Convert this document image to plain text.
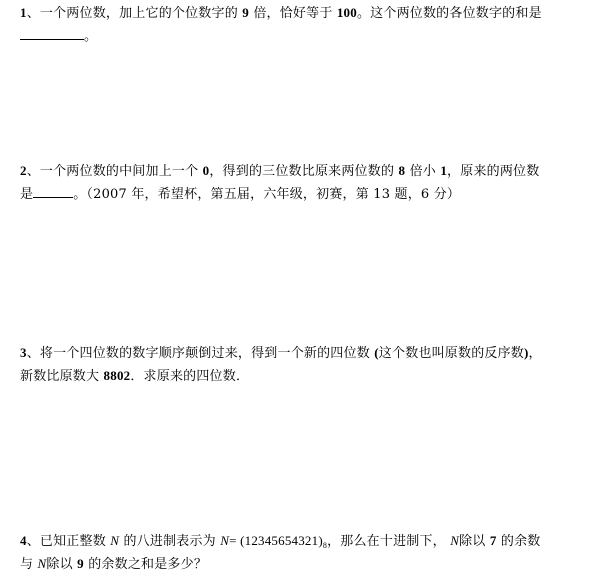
1、一个两位数，加上它的个位数字的 9 倍，恰好等于 100。这个两位数的各位数字的和是
。
2、一个两位数的中间加上一个 0，得到的三位数比原来两位数的 8 倍小 1，原来的两位数
是	。（2007 年，希望杯，第五届，六年级，初赛，第 13 题，6 分）
3、将一个四位数的数字顺序颠倒过来，得到一个新的四位数 (这个数也叫原数的反序数)，
新数比原数大 8802．求原来的四位数．
4、已知正整数 N 的八进制表示为 $N= (12345654321)_8$，那么在十进制下， N除以 7 的余数
与 N除以 9 的余数之和是多少？
